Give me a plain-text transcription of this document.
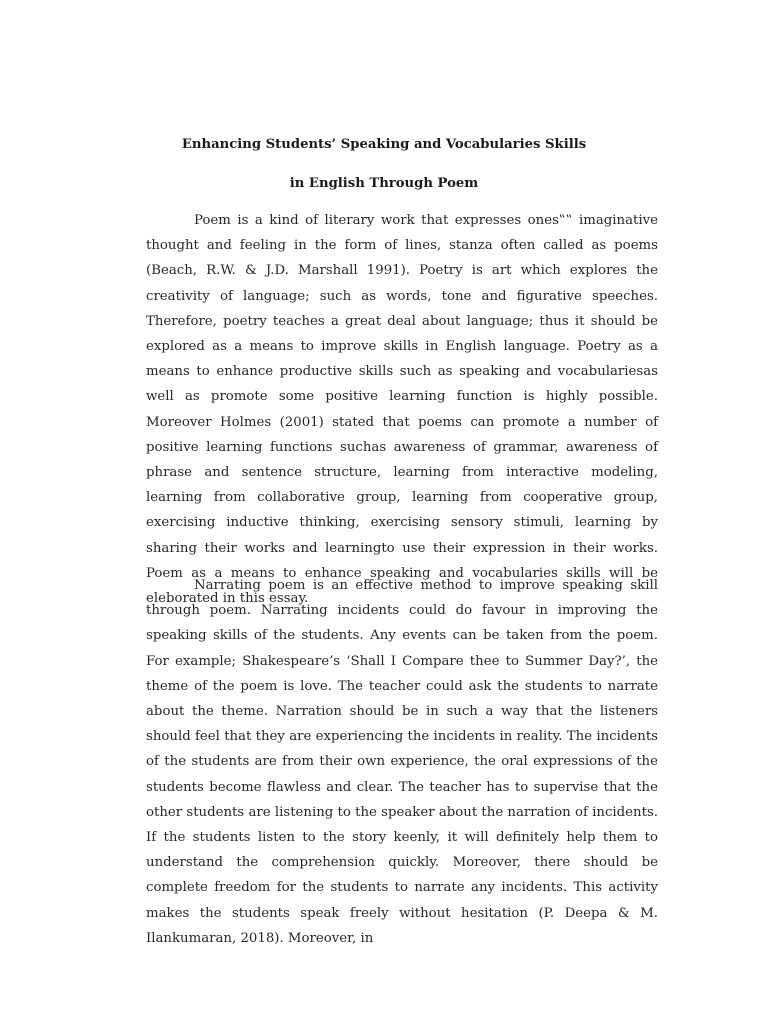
Enhancing Students’ Speaking and Vocabularies Skills
in English Through Poem

Poem is a kind of literary work that expresses ones‟‟ imaginative thought and feeling in the form of lines, stanza often called as poems (Beach, R.W. & J.D. Marshall 1991). Poetry is art which explores the creativity of language; such as words, tone and figurative speeches. Therefore, poetry teaches a great deal about language; thus it should be explored as a means to improve skills in English language. Poetry as a means to enhance productive skills such as speaking and vocabulariesas well as promote some positive learning function is highly possible. Moreover Holmes (2001) stated that poems can promote a number of positive learning functions suchas awareness of grammar, awareness of phrase and sentence structure, learning from interactive modeling, learning from collaborative group, learning from cooperative group, exercising inductive thinking, exercising sensory stimuli, learning by sharing their works and learningto use their expression in their works. Poem as a means to enhance speaking and vocabularies skills will be eleborated in this essay.

Narrating poem is an effective method to improve speaking skill through poem. Narrating incidents could do favour in improving the speaking skills of the students. Any events can be taken from the poem. For example; Shakespeare’s ‘Shall I Compare thee to Summer Day?’, the theme of the poem is love. The teacher could ask the students to narrate about the theme. Narration should be in such a way that the listeners should feel that they are experiencing the incidents in reality. The incidents of the students are from their own experience, the oral expressions of the students become flawless and clear. The teacher has to supervise that the other students are listening to the speaker about the narration of incidents. If the students listen to the story keenly, it will definitely help them to understand the comprehension quickly. Moreover, there should be complete freedom for the students to narrate any incidents. This activity makes the students speak freely without hesitation (P. Deepa & M. Ilankumaran, 2018). Moreover, in
